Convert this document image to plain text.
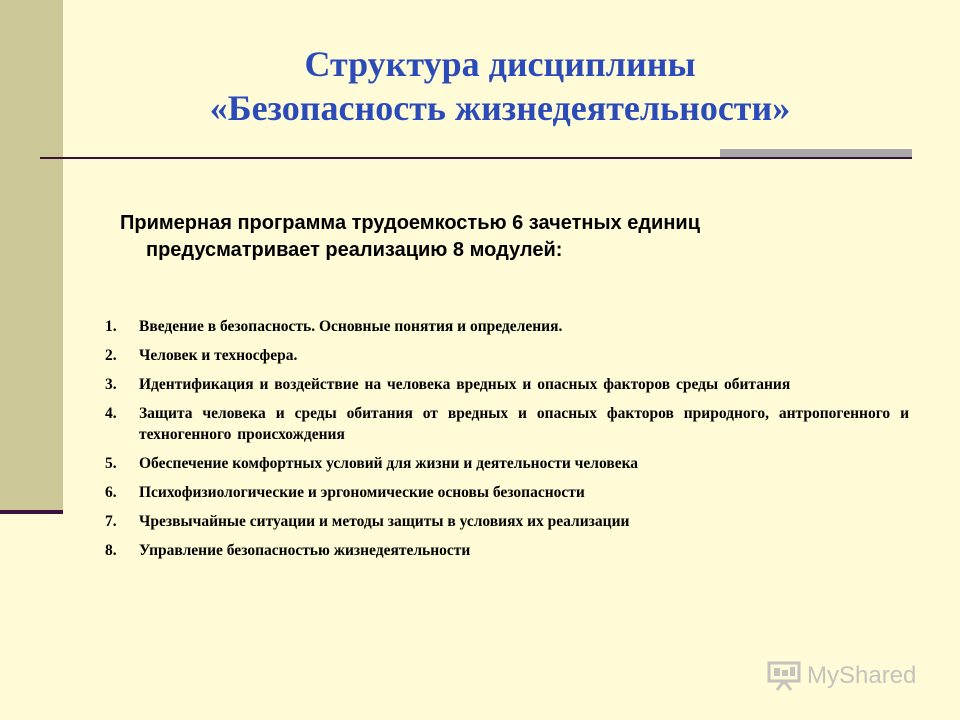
Структура дисциплины
«Безопасность жизнедеятельности»
Примерная программа трудоемкостью 6 зачетных единиц
предусматривает реализацию 8 модулей:
1.	Введение в безопасность. Основные понятия и определения.
2.	Человек и техносфера.
3.	Идентификация и воздействие на человека вредных и опасных факторов среды обитания
4.	Защита человека и среды обитания от вредных и опасных факторов природного, антропогенного и техногенного происхождения
5.	Обеспечение комфортных условий для жизни и деятельности человека
6.	Психофизиологические и эргономические основы безопасности
7.	Чрезвычайные ситуации и методы защиты в условиях их реализации
8.	Управление безопасностью жизнедеятельности
MyShared
